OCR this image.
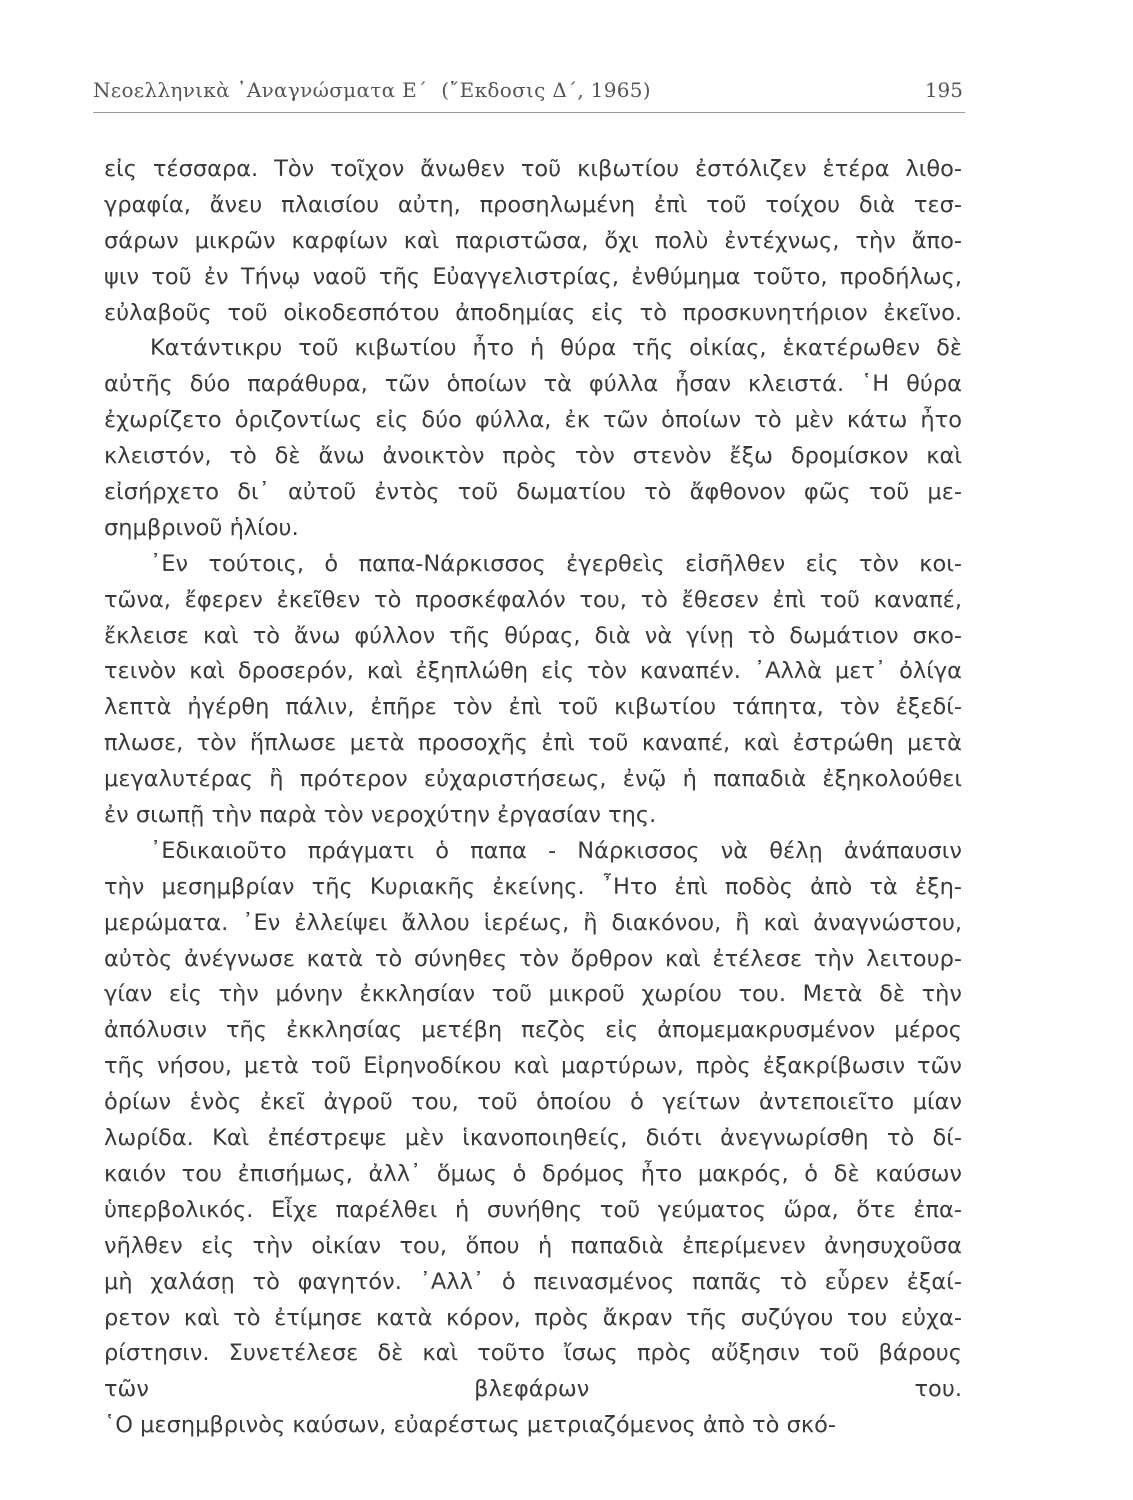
Νεοελληνικὰ ᾿Αναγνώσματα Ε΄ (῎Εκδοσις Δ΄, 1965)	195
εἰς τέσσαρα. Τὸν τοῖχον ἄνωθεν τοῦ κιβωτίου ἐστόλιζεν ἑτέρα λιθο-
γραφία, ἄνευ πλαισίου αὐτη, προσηλωμένη ἐπὶ τοῦ τοίχου διὰ τεσ-
σάρων μικρῶν καρφίων καὶ παριστῶσα, ὄχι πολὺ ἐντέχνως, τὴν ἄπο-
ψιν τοῦ ἐν Τήνῳ ναοῦ τῆς Εὐαγγελιστρίας, ἐνθύμημα τοῦτο, προδήλως,
εὐλαβοῦς τοῦ οἰκοδεσπότου ἀποδημίας εἰς τὸ προσκυνητήριον ἐκεῖνο.
Κατάντικρυ τοῦ κιβωτίου ἦτο ἡ θύρα τῆς οἰκίας, ἑκατέρωθεν δὲ
αὐτῆς δύο παράθυρα, τῶν ὁποίων τὰ φύλλα ἦσαν κλειστά. ῾Η θύρα
ἐχωρίζετο ὁριζοντίως εἰς δύο φύλλα, ἐκ τῶν ὁποίων τὸ μὲν κάτω ἦτο
κλειστόν, τὸ δὲ ἄνω ἀνοικτὸν πρὸς τὸν στενὸν ἔξω δρομίσκον καὶ
εἰσήρχετο δι᾿ αὐτοῦ ἐντὸς τοῦ δωματίου τὸ ἄφθονον φῶς τοῦ με-
σημβρινοῦ ἡλίου.
᾿Εν τούτοις, ὁ παπα-Νάρκισσος ἐγερθεὶς εἰσῆλθεν εἰς τὸν κοι-
τῶνα, ἔφερεν ἐκεῖθεν τὸ προσκέφαλόν του, τὸ ἔθεσεν ἐπὶ τοῦ καναπέ,
ἔκλεισε καὶ τὸ ἄνω φύλλον τῆς θύρας, διὰ νὰ γίνῃ τὸ δωμάτιον σκο-
τεινὸν καὶ δροσερόν, καὶ ἐξηπλώθη εἰς τὸν καναπέν. ᾿Αλλὰ μετ᾿ ὀλίγα
λεπτὰ ἠγέρθη πάλιν, ἐπῆρε τὸν ἐπὶ τοῦ κιβωτίου τάπητα, τὸν ἐξεδί-
πλωσε, τὸν ἥπλωσε μετὰ προσοχῆς ἐπὶ τοῦ καναπέ, καὶ ἐστρώθη μετὰ
μεγαλυτέρας ἢ πρότερον εὐχαριστήσεως, ἐνῷ ἡ παπαδιὰ ἐξηκολούθει
ἐν σιωπῇ τὴν παρὰ τὸν νεροχύτην ἐργασίαν της.
᾿Εδικαιοῦτο πράγματι ὁ παπα - Νάρκισσος νὰ θέλῃ ἀνάπαυσιν
τὴν μεσημβρίαν τῆς Κυριακῆς ἐκείνης. ῏Ητο ἐπὶ ποδὸς ἀπὸ τὰ ἐξη-
μερώματα. ᾿Εν ἐλλείψει ἄλλου ἱερέως, ἢ διακόνου, ἢ καὶ ἀναγνώστου,
αὐτὸς ἀνέγνωσε κατὰ τὸ σύνηθες τὸν ὄρθρον καὶ ἐτέλεσε τὴν λειτουρ-
γίαν εἰς τὴν μόνην ἐκκλησίαν τοῦ μικροῦ χωρίου του. Μετὰ δὲ τὴν
ἀπόλυσιν τῆς ἐκκλησίας μετέβη πεζὸς εἰς ἀπομεμακρυσμένον μέρος
τῆς νήσου, μετὰ τοῦ Εἰρηνοδίκου καὶ μαρτύρων, πρὸς ἐξακρίβωσιν τῶν
ὁρίων ἑνὸς ἐκεῖ ἀγροῦ του, τοῦ ὁποίου ὁ γείτων ἀντεποιεῖτο μίαν
λωρίδα. Καὶ ἐπέστρεψε μὲν ἱκανοποιηθείς, διότι ἀνεγνωρίσθη τὸ δί-
καιόν του ἐπισήμως, ἀλλ᾿ ὅμως ὁ δρόμος ἦτο μακρός, ὁ δὲ καύσων
ὑπερβολικός. Εἶχε παρέλθει ἡ συνήθης τοῦ γεύματος ὥρα, ὅτε ἐπα-
νῆλθεν εἰς τὴν οἰκίαν του, ὅπου ἡ παπαδιὰ ἐπερίμενεν ἀνησυχοῦσα
μὴ χαλάσῃ τὸ φαγητόν. ᾿Αλλ᾿ ὁ πεινασμένος παπᾶς τὸ εὗρεν ἐξαί-
ρετον καὶ τὸ ἐτίμησε κατὰ κόρον, πρὸς ἄκραν τῆς συζύγου του εὐχα-
ρίστησιν. Συνετέλεσε δὲ καὶ τοῦτο ἴσως πρὸς αὔξησιν τοῦ βάρους
τῶν βλεφάρων του.
῾Ο μεσημβρινὸς καύσων, εὐαρέστως μετριαζόμενος ἀπὸ τὸ σκό-
